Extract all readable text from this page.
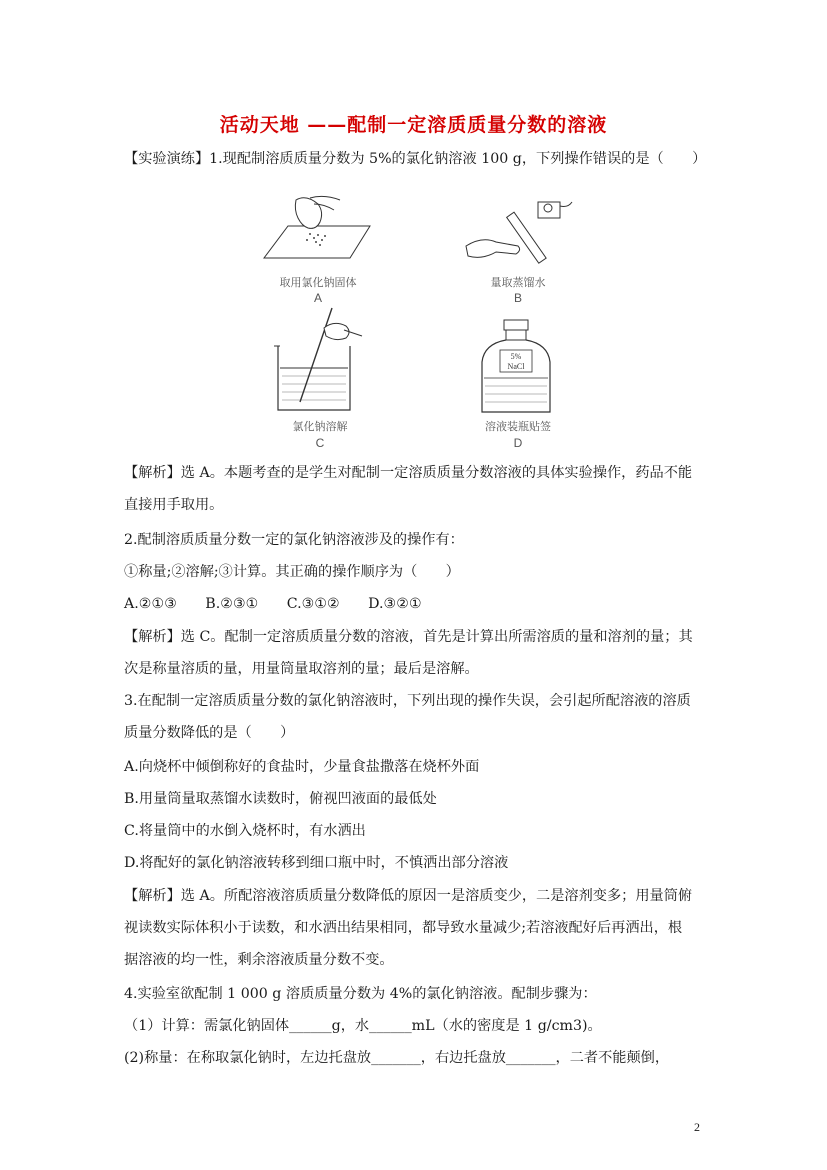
活动天地 ——配制一定溶质质量分数的溶液
【实验演练】1.现配制溶质质量分数为 5%的氯化钠溶液 100 g，下列操作错误的是（　　）
取用氯化钠固体
A
量取蒸馏水
B
氯化钠溶解
C
5%
NaCl
溶液装瓶贴签
D
【解析】选 A。本题考查的是学生对配制一定溶质质量分数溶液的具体实验操作，药品不能
直接用手取用。
2.配制溶质质量分数一定的氯化钠溶液涉及的操作有：
①称量;②溶解;③计算。其正确的操作顺序为（　　）
A.②①③　　B.②③①　　C.③①②　　D.③②①
【解析】选 C。配制一定溶质质量分数的溶液，首先是计算出所需溶质的量和溶剂的量；其
次是称量溶质的量，用量筒量取溶剂的量；最后是溶解。
3.在配制一定溶质质量分数的氯化钠溶液时，下列出现的操作失误，会引起所配溶液的溶质
质量分数降低的是（　　）
A.向烧杯中倾倒称好的食盐时，少量食盐撒落在烧杯外面
B.用量筒量取蒸馏水读数时，俯视凹液面的最低处
C.将量筒中的水倒入烧杯时，有水洒出
D.将配好的氯化钠溶液转移到细口瓶中时，不慎洒出部分溶液
【解析】选 A。所配溶液溶质质量分数降低的原因一是溶质变少，二是溶剂变多；用量筒俯
视读数实际体积小于读数，和水洒出结果相同，都导致水量减少;若溶液配好后再洒出，根
据溶液的均一性，剩余溶液质量分数不变。
4.实验室欲配制 1 000 g 溶质质量分数为 4%的氯化钠溶液。配制步骤为：
（1）计算：需氯化钠固体______g，水______mL（水的密度是 1 g/cm3)。
(2)称量：在称取氯化钠时，左边托盘放_______，右边托盘放_______，二者不能颠倒，
2
